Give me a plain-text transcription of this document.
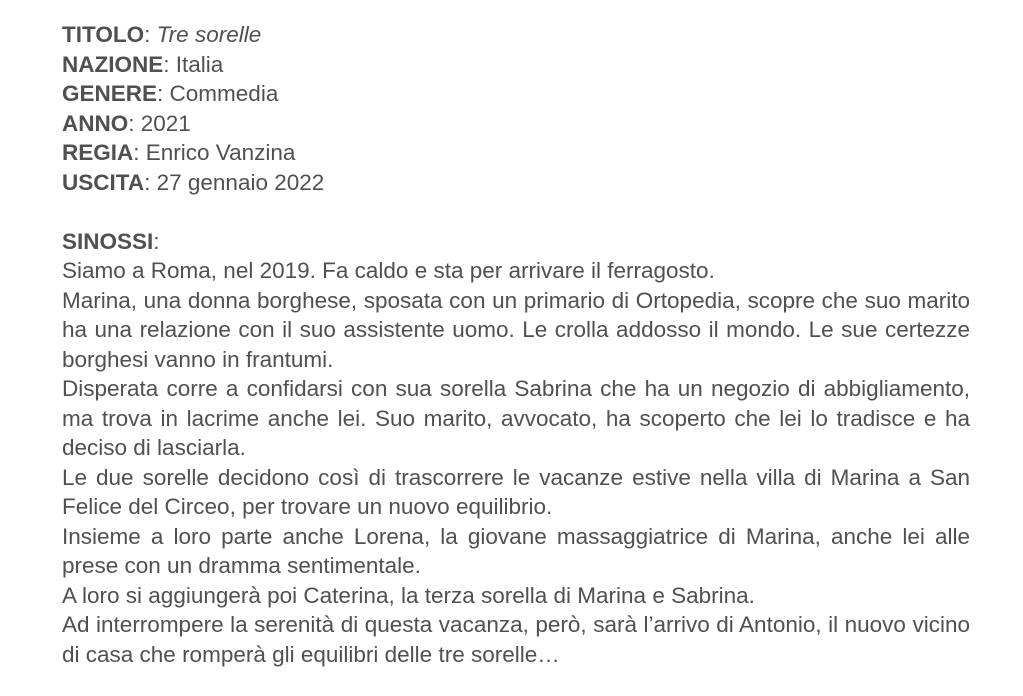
TITOLO: Tre sorelle

NAZIONE: Italia

GENERE: Commedia

ANNO: 2021

REGIA: Enrico Vanzina

USCITA: 27 gennaio 2022

SINOSSI:

Siamo a Roma, nel 2019. Fa caldo e sta per arrivare il ferragosto.

Marina, una donna borghese, sposata con un primario di Ortopedia, scopre che suo marito ha una relazione con il suo assistente uomo. Le crolla addosso il mondo. Le sue certezze borghesi vanno in frantumi.

Disperata corre a confidarsi con sua sorella Sabrina che ha un negozio di abbigliamento, ma trova in lacrime anche lei. Suo marito, avvocato, ha scoperto che lei lo tradisce e ha deciso di lasciarla.

Le due sorelle decidono così di trascorrere le vacanze estive nella villa di Marina a San Felice del Circeo, per trovare un nuovo equilibrio.

Insieme a loro parte anche Lorena, la giovane massaggiatrice di Marina, anche lei alle prese con un dramma sentimentale.

A loro si aggiungerà poi Caterina, la terza sorella di Marina e Sabrina.

Ad interrompere la serenità di questa vacanza, però, sarà l’arrivo di Antonio, il nuovo vicino di casa che romperà gli equilibri delle tre sorelle…
